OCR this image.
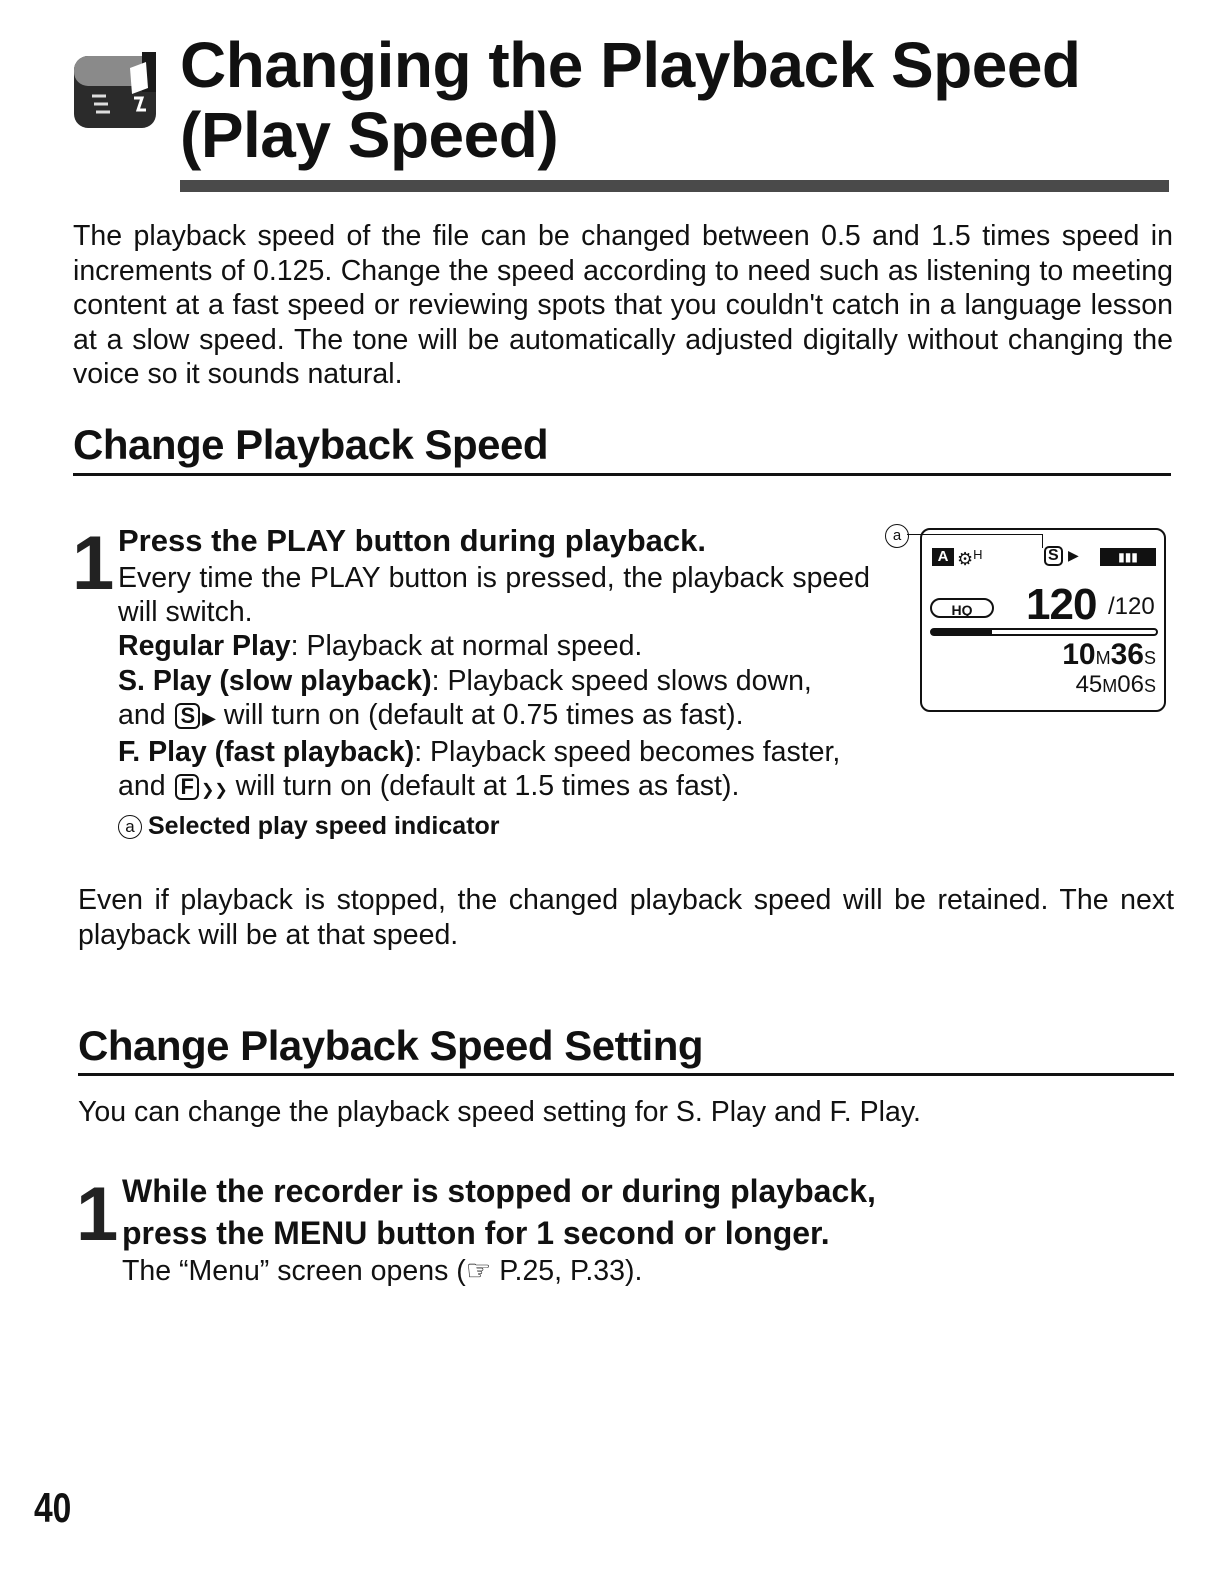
Changing the Playback Speed
(Play Speed)

The playback speed of the file can be changed between 0.5 and 1.5 times speed in increments of 0.125. Change the speed according to need such as listening to meeting content at a fast speed or reviewing spots that you couldn't catch in a language lesson at a slow speed. The tone will be automatically adjusted digitally without changing the voice so it sounds natural.

Change Playback Speed
1 Press the PLAY button during playback.

Every time the PLAY button is pressed, the playback speed will switch.

Regular Play: Playback at normal speed.

S. Play (slow playback): Playback speed slows down,

and S ▶ will turn on (default at 0.75 times as fast).

F. Play (fast playback): Playback speed becomes faster,

and F ❯❯ will turn on (default at 1.5 times as fast).

a Selected play speed indicator

a
A ⚙$^H$	S ▶	▮▮▮
HQ	120 /120
10M36S
45M06S

Even if playback is stopped, the changed playback speed will be retained. The next playback will be at that speed.

Change Playback Speed Setting

You can change the playback speed setting for S. Play and F. Play.

1 While the recorder is stopped or during playback,

press the MENU button for 1 second or longer.

The “Menu” screen opens (☞ P.25, P.33).

40
